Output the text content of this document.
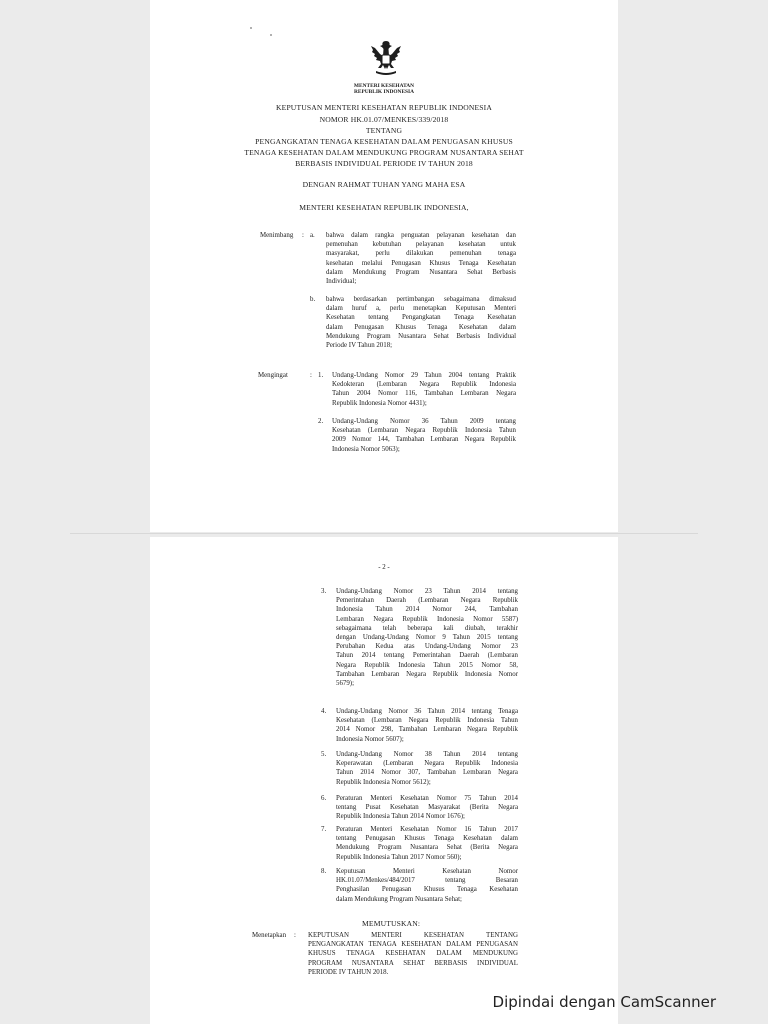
MENTERI KESEHATAN
REPUBLIK INDONESIA
KEPUTUSAN MENTERI KESEHATAN REPUBLIK INDONESIA
NOMOR HK.01.07/MENKES/339/2018
TENTANG
PENGANGKATAN TENAGA KESEHATAN DALAM PENUGASAN KHUSUS
TENAGA KESEHATAN DALAM MENDUKUNG PROGRAM NUSANTARA SEHAT
BERBASIS INDIVIDUAL PERIODE IV TAHUN 2018
DENGAN RAHMAT TUHAN YANG MAHA ESA
MENTERI KESEHATAN REPUBLIK INDONESIA,
Menimbang : a. bahwa dalam rangka penguatan pelayanan kesehatan dan
pemenuhan kebutuhan pelayanan kesehatan untuk
masyarakat, perlu dilakukan pemenuhan tenaga
kesehatan melalui Penugasan Khusus Tenaga Kesehatan
dalam Mendukung Program Nusantara Sehat Berbasis
Individual;
b. bahwa berdasarkan pertimbangan sebagaimana dimaksud
dalam huruf a, perlu menetapkan Keputusan Menteri
Kesehatan tentang Pengangkatan Tenaga Kesehatan
dalam Penugasan Khusus Tenaga Kesehatan dalam
Mendukung Program Nusantara Sehat Berbasis Individual
Periode IV Tahun 2018;
Mengingat	: 1. Undang-Undang Nomor 29 Tahun 2004 tentang Praktik
Kedokteran (Lembaran Negara Republik Indonesia
Tahun 2004 Nomor 116, Tambahan Lembaran Negara
Republik Indonesia Nomor 4431);
2. Undang-Undang Nomor 36 Tahun 2009 tentang
Kesehatan (Lembaran Negara Republik Indonesia Tahun
2009 Nomor 144, Tambahan Lembaran Negara Republik
Indonesia Nomor 5063);
- 2 -
3. Undang-Undang Nomor 23 Tahun 2014 tentang
Pemerintahan Daerah (Lembaran Negara Republik
Indonesia Tahun 2014 Nomor 244, Tambahan
Lembaran Negara Republik Indonesia Nomor 5587)
sebagaimana telah beberapa kali diubah, terakhir
dengan Undang-Undang Nomor 9 Tahun 2015 tentang
Perubahan Kedua atas Undang-Undang Nomor 23
Tahun 2014 tentang Pemerintahan Daerah (Lembaran
Negara Republik Indonesia Tahun 2015 Nomor 58,
Tambahan Lembaran Negara Republik Indonesia Nomor
5679);
4. Undang-Undang Nomor 36 Tahun 2014 tentang Tenaga
Kesehatan (Lembaran Negara Republik Indonesia Tahun
2014 Nomor 298, Tambahan Lembaran Negara Republik
Indonesia Nomor 5607);
5. Undang-Undang Nomor 38 Tahun 2014 tentang
Keperawatan (Lembaran Negara Republik Indonesia
Tahun 2014 Nomor 307, Tambahan Lembaran Negara
Republik Indonesia Nomor 5612);
6. Peraturan Menteri Kesehatan Nomor 75 Tahun 2014
tentang Pusat Kesehatan Masyarakat (Berita Negara
Republik Indonesia Tahun 2014 Nomor 1676);
7. Peraturan Menteri Kesehatan Nomor 16 Tahun 2017
tentang Penugasan Khusus Tenaga Kesehatan dalam
Mendukung Program Nusantara Sehat (Berita Negara
Republik Indonesia Tahun 2017 Nomor 560);
8. Keputusan Menteri Kesehatan Nomor
HK.01.07/Menkes/484/2017 tentang Besaran
Penghasilan Penugasan Khusus Tenaga Kesehatan
dalam Mendukung Program Nusantara Sehat;
MEMUTUSKAN:
Menetapkan : KEPUTUSAN MENTERI KESEHATAN TENTANG
PENGANGKATAN TENAGA KESEHATAN DALAM PENUGASAN
KHUSUS TENAGA KESEHATAN DALAM MENDUKUNG
PROGRAM NUSANTARA SEHAT BERBASIS INDIVIDUAL
PERIODE IV TAHUN 2018.
Dipindai dengan CamScanner
